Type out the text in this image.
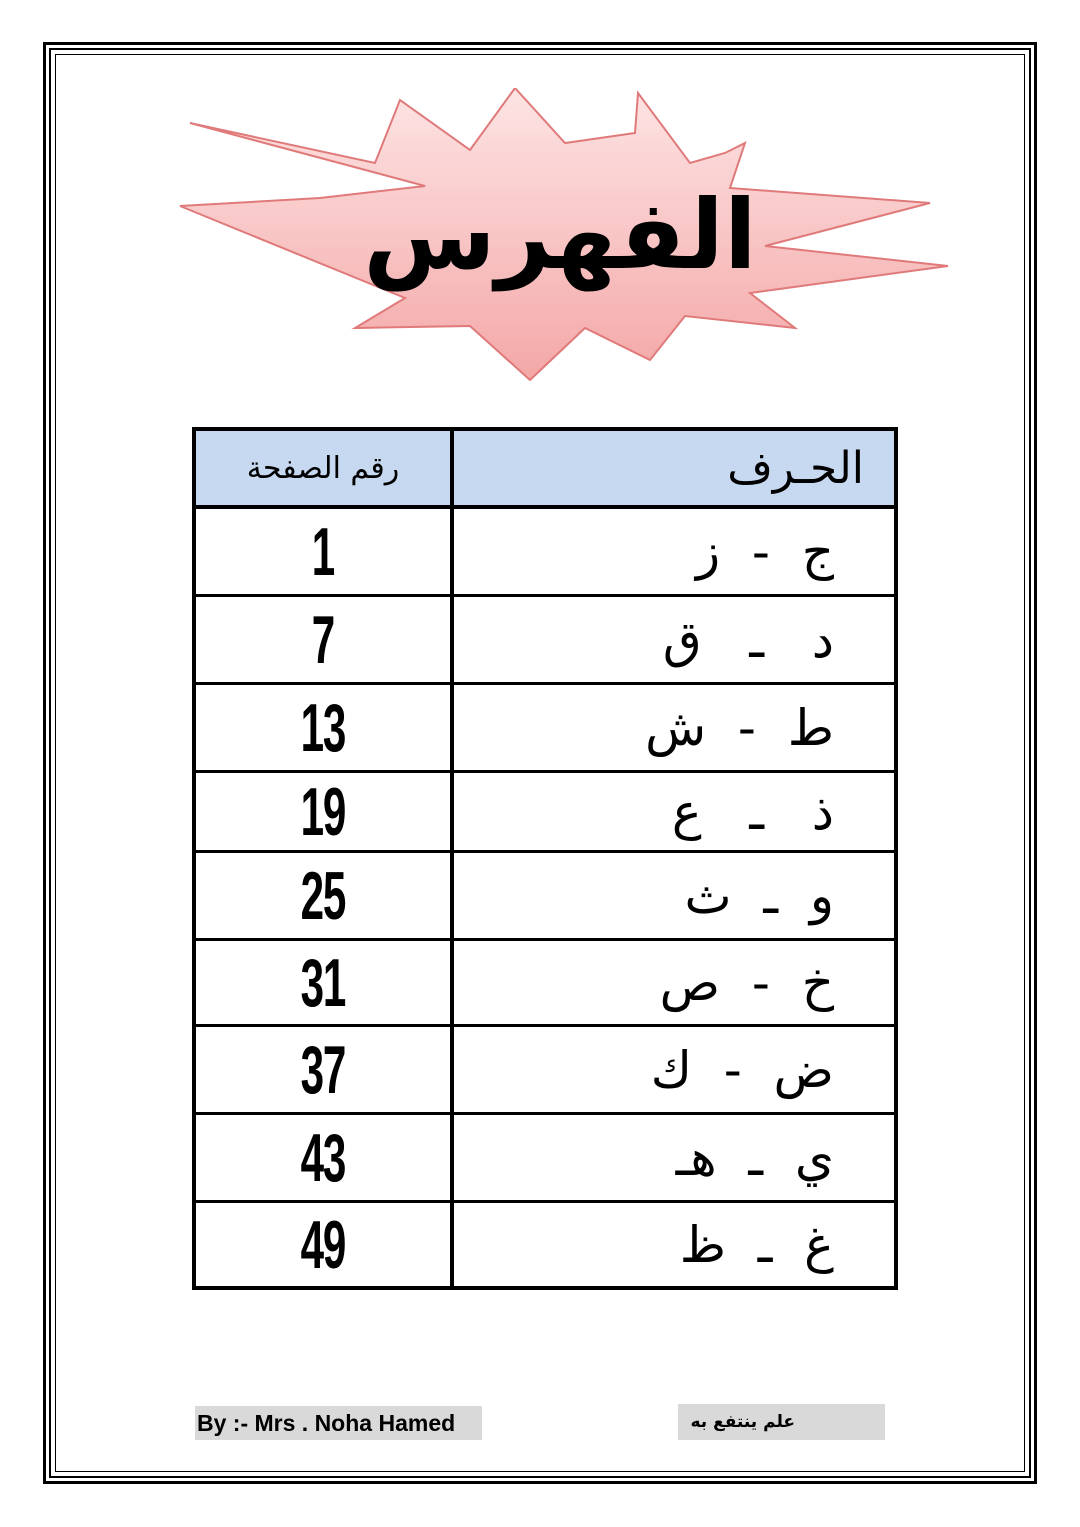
الفهرس
رقم الصفحة	الحـرف
1	ج  -  ز
7	د   ـ   ق
13	ط  -  ش
19	ذ   ـ   ع
25	و  ـ  ث
31	خ  -  ص
37	ض  -  ك
43	ي  ـ  هـ
49	غ  ـ  ظ
By :- Mrs . Noha Hamed	علم ينتفع به
